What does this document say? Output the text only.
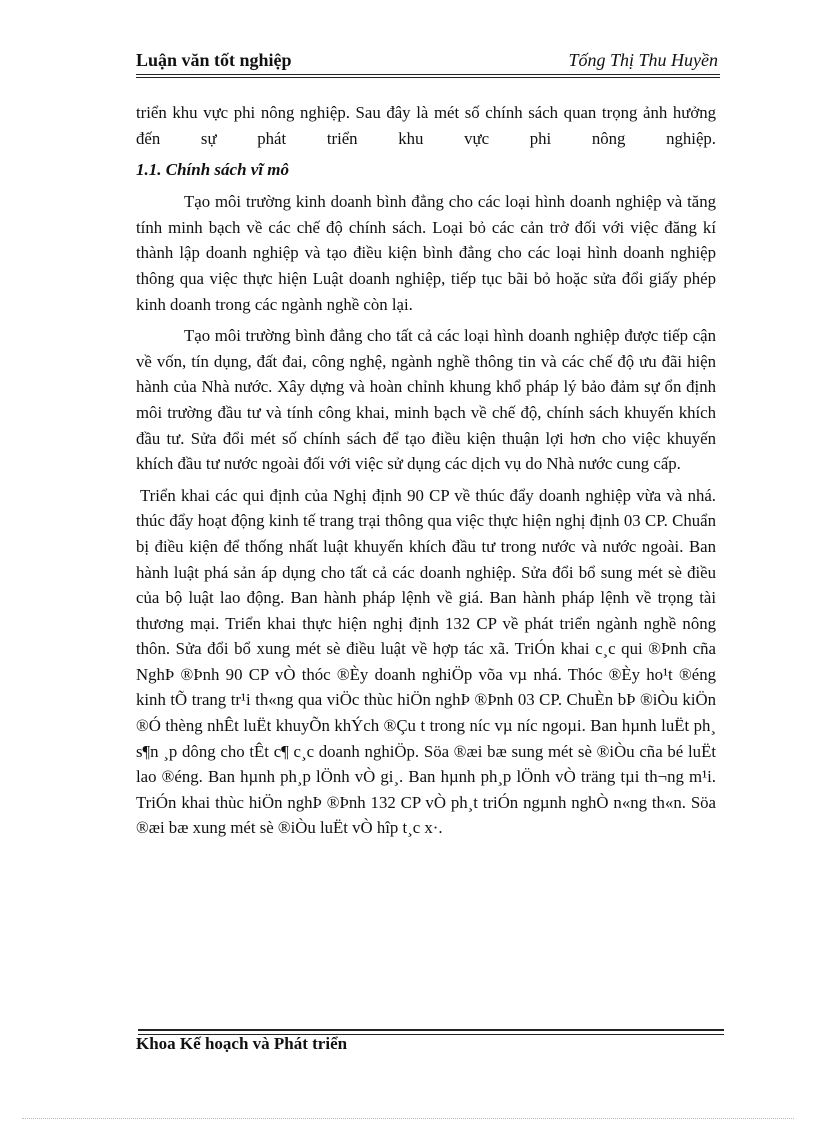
Luận văn tốt nghiệp	Tống Thị Thu Huyền

triển khu vực phi nông nghiệp. Sau đây là mét số chính sách quan trọng ảnh hưởng đến sự phát triển khu vực phi nông nghiệp.

1.1. Chính sách vĩ mô

Tạo môi trường kinh doanh bình đẳng cho các loại hình doanh nghiệp và tăng tính minh bạch về các chế độ chính sách. Loại bỏ các cản trở đối với việc đăng kí thành lập doanh nghiệp và tạo điều kiện bình đẳng cho các loại hình doanh nghiệp thông qua việc thực hiện Luật doanh nghiệp, tiếp tục bãi bỏ hoặc sửa đổi giấy phép kinh doanh trong các ngành nghề còn lại.

Tạo môi trường bình đẳng cho tất cả các loại hình doanh nghiệp được tiếp cận về vốn, tín dụng, đất đai, công nghệ, ngành nghề thông tin và các chế độ ưu đãi hiện hành của Nhà nước. Xây dựng và hoàn chỉnh khung khổ pháp lý bảo đảm sự ổn định môi trường đầu tư và tính công khai, minh bạch về chế độ, chính sách khuyến khích đầu tư. Sửa đổi mét số chính sách để tạo điều kiện thuận lợi hơn cho việc khuyến khích đầu tư nước ngoài đối với việc sử dụng các dịch vụ do Nhà nước cung cấp.

Triển khai các qui định của Nghị định 90 CP về thúc đẩy doanh nghiệp vừa và nhá. thúc đẩy hoạt động kinh tế trang trại thông qua việc thực hiện nghị định 03 CP. Chuẩn bị điều kiện để thống nhất luật khuyến khích đầu tư trong nước và nước ngoài. Ban hành luật phá sản áp dụng cho tất cả các doanh nghiệp. Sửa đổi bổ sung mét sè điều của bộ luật lao động. Ban hành pháp lệnh về giá. Ban hành pháp lệnh về trọng tài thương mại. Triển khai thực hiện nghị định 132 CP về phát triển ngành nghề nông thôn. Sửa đổi bổ xung mét sè điều luật về hợp tác xã. TriÓn khai c¸c qui ®Þnh cña NghÞ ®Þnh 90 CP vÒ thóc ®Èy doanh nghiÖp võa vµ nhá. Thóc ®Èy ho¹t ®éng kinh tÕ trang tr¹i th«ng qua viÖc thùc hiÖn nghÞ ®Þnh 03 CP. ChuÈn bÞ ®iÒu kiÖn ®Ó thèng nhÊt luËt khuyÕn khÝch ®Çu t trong níc vµ níc ngoµi. Ban hµnh luËt ph¸ s¶n ¸p dông cho tÊt c¶ c¸c doanh nghiÖp. Söa ®æi bæ sung mét sè ®iÒu cña bé luËt lao ®éng. Ban hµnh ph¸p lÖnh vÒ gi¸. Ban hµnh ph¸p lÖnh vÒ träng tµi th¬ng m¹i. TriÓn khai thùc hiÖn nghÞ ®Þnh 132 CP vÒ ph¸t triÓn ngµnh nghÒ n«ng th«n. Söa ®æi bæ xung mét sè ®iÒu luËt vÒ hîp t¸c x·.

Khoa Kế hoạch và Phát triển
